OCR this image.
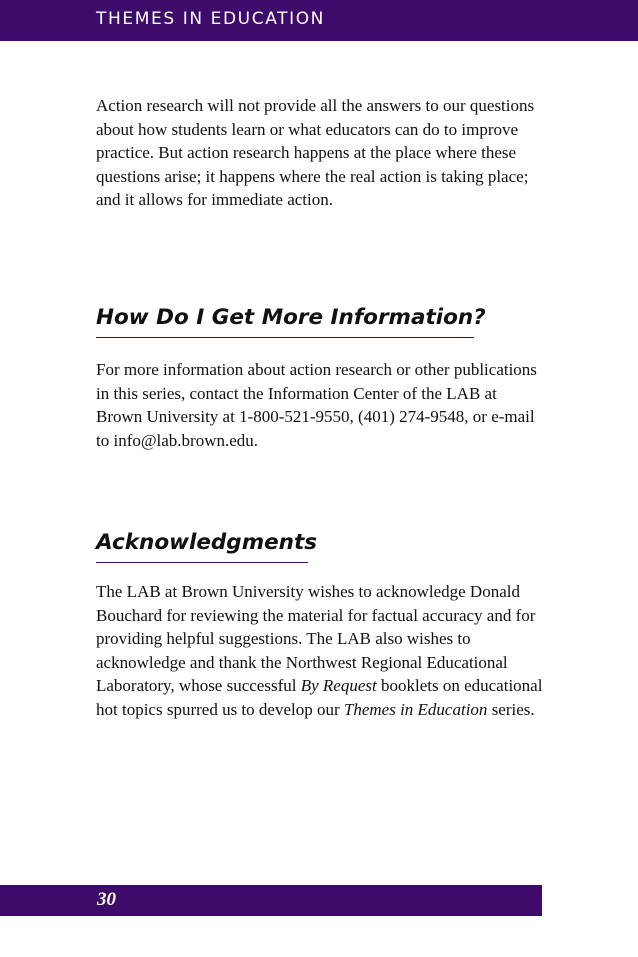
THEMES IN EDUCATION

Action research will not provide all the answers to our questions about how students learn or what educators can do to improve practice. But action research happens at the place where these questions arise; it happens where the real action is taking place; and it allows for immediate action.

How Do I Get More Information?

For more information about action research or other publications in this series, contact the Information Center of the LAB at Brown University at 1-800-521-9550, (401) 274-9548, or e-mail to info@lab.brown.edu.

Acknowledgments

The LAB at Brown University wishes to acknowledge Donald Bouchard for reviewing the material for factual accuracy and for providing helpful suggestions. The LAB also wishes to acknowledge and thank the Northwest Regional Educational Laboratory, whose successful By Request booklets on educational hot topics spurred us to develop our Themes in Education series.

30
